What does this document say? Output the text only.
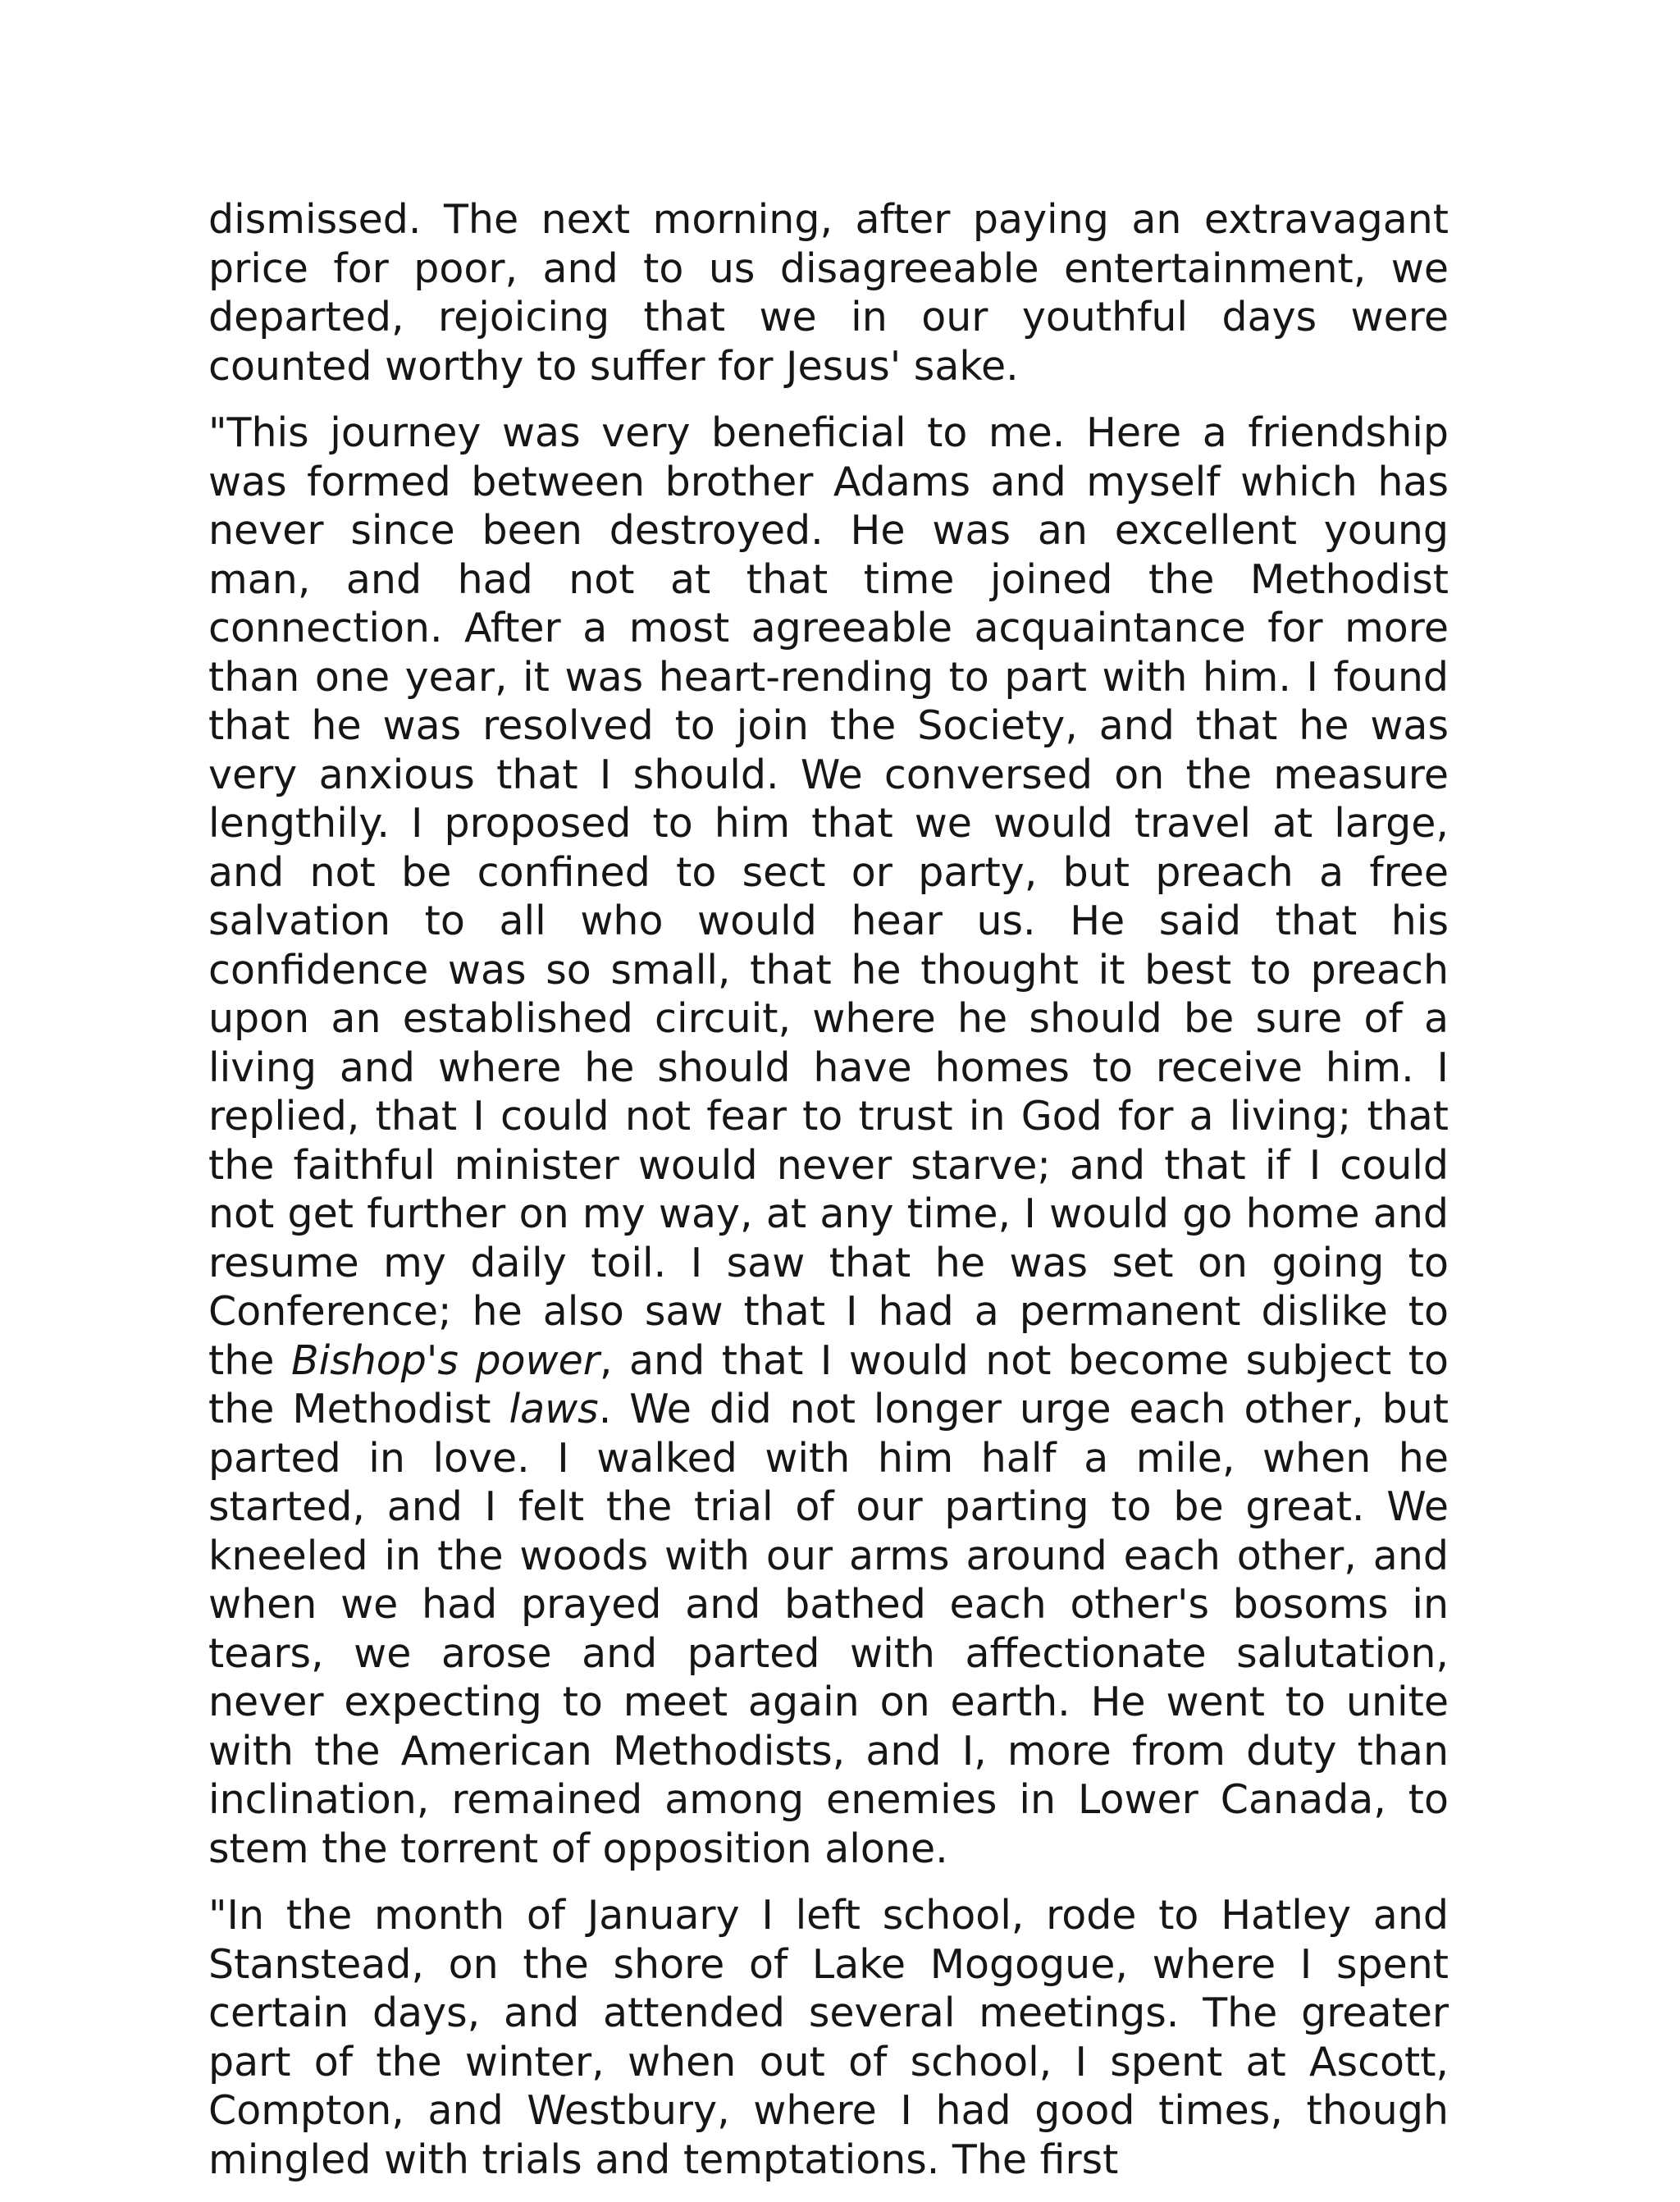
dismissed. The next morning, after paying an extravagant price for poor, and to us disagreeable entertainment, we departed, rejoicing that we in our youthful days were counted worthy to suffer for Jesus' sake.

"This journey was very beneficial to me. Here a friendship was formed between brother Adams and myself which has never since been destroyed. He was an excellent young man, and had not at that time joined the Methodist connection. After a most agreeable acquaintance for more than one year, it was heart-rending to part with him. I found that he was resolved to join the Society, and that he was very anxious that I should. We conversed on the measure lengthily. I proposed to him that we would travel at large, and not be confined to sect or party, but preach a free salvation to all who would hear us. He said that his confidence was so small, that he thought it best to preach upon an established circuit, where he should be sure of a living and where he should have homes to receive him. I replied, that I could not fear to trust in God for a living; that the faithful minister would never starve; and that if I could not get further on my way, at any time, I would go home and resume my daily toil. I saw that he was set on going to Conference; he also saw that I had a permanent dislike to the Bishop's power, and that I would not become subject to the Methodist laws. We did not longer urge each other, but parted in love. I walked with him half a mile, when he started, and I felt the trial of our parting to be great. We kneeled in the woods with our arms around each other, and when we had prayed and bathed each other's bosoms in tears, we arose and parted with affectionate salutation, never expecting to meet again on earth. He went to unite with the American Methodists, and I, more from duty than inclination, remained among enemies in Lower Canada, to stem the torrent of opposition alone.

"In the month of January I left school, rode to Hatley and Stanstead, on the shore of Lake Mogogue, where I spent certain days, and attended several meetings. The greater part of the winter, when out of school, I spent at Ascott, Compton, and Westbury, where I had good times, though mingled with trials and temptations. The first
